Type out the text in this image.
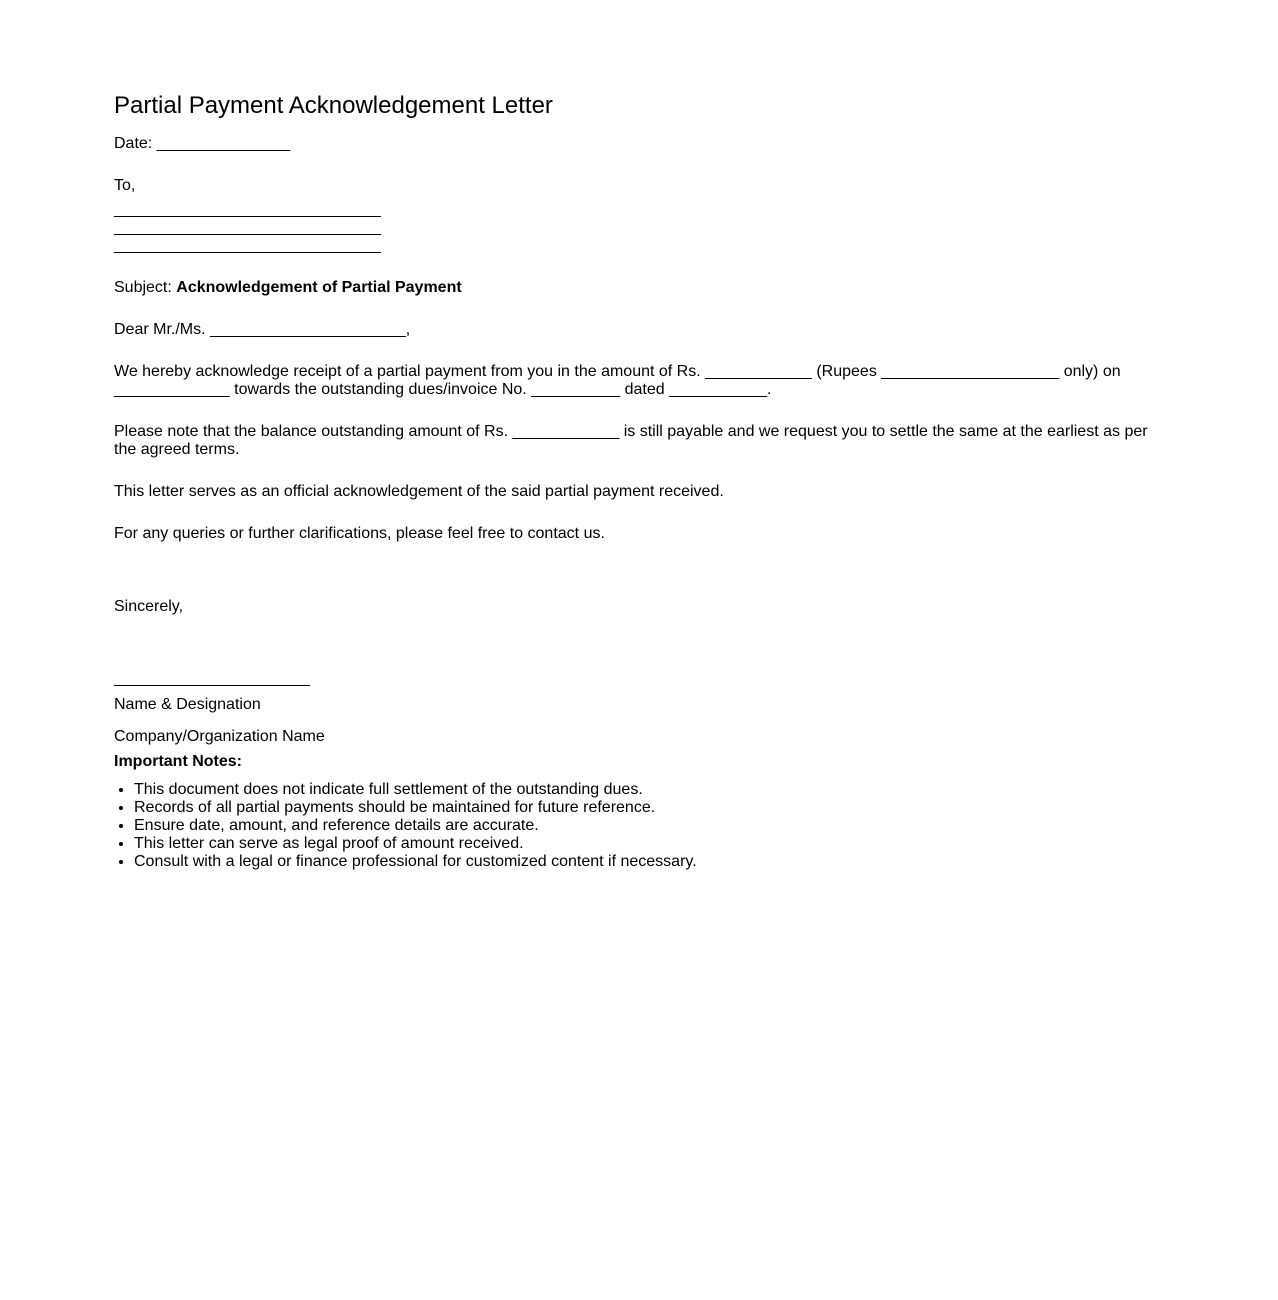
Partial Payment Acknowledgement Letter

Date: _______________

To,
______________________________
______________________________
______________________________

Subject: Acknowledgement of Partial Payment

Dear Mr./Ms. ______________________,

We hereby acknowledge receipt of a partial payment from you in the amount of Rs. ____________ (Rupees ____________________ only) on _____________ towards the outstanding dues/invoice No. __________ dated ___________.

Please note that the balance outstanding amount of Rs. ____________ is still payable and we request you to settle the same at the earliest as per the agreed terms.

This letter serves as an official acknowledgement of the said partial payment received.

For any queries or further clarifications, please feel free to contact us.

Sincerely,
______________________
Name & Designation
Company/Organization Name
Important Notes:
• This document does not indicate full settlement of the outstanding dues.
• Records of all partial payments should be maintained for future reference.
• Ensure date, amount, and reference details are accurate.
• This letter can serve as legal proof of amount received.
• Consult with a legal or finance professional for customized content if necessary.
